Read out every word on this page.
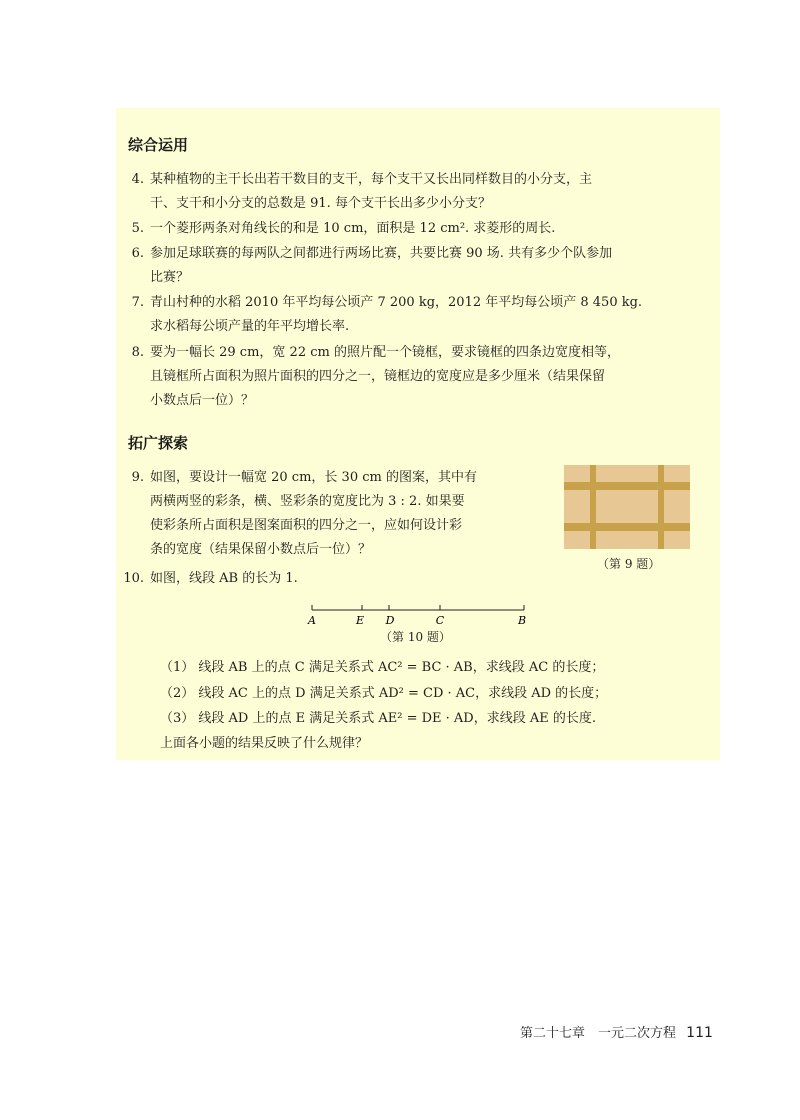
综合运用
4. 某种植物的主干长出若干数目的支干，每个支干又长出同样数目的小分支，主
干、支干和小分支的总数是 91. 每个支干长出多少小分支？
5. 一个菱形两条对角线长的和是 10 cm，面积是 12 cm². 求菱形的周长.
6. 参加足球联赛的每两队之间都进行两场比赛，共要比赛 90 场. 共有多少个队参加
比赛？
7. 青山村种的水稻 2010 年平均每公顷产 7 200 kg，2012 年平均每公顷产 8 450 kg.
求水稻每公顷产量的年平均增长率.
8. 要为一幅长 29 cm，宽 22 cm 的照片配一个镜框，要求镜框的四条边宽度相等，
且镜框所占面积为照片面积的四分之一，镜框边的宽度应是多少厘米（结果保留
小数点后一位）？
拓广探索
9. 如图，要设计一幅宽 20 cm，长 30 cm 的图案，其中有
两横两竖的彩条，横、竖彩条的宽度比为 3 : 2. 如果要
使彩条所占面积是图案面积的四分之一，应如何设计彩
条的宽度（结果保留小数点后一位）？
（第 9 题）
10. 如图，线段 AB 的长为 1.
A	E D	C	B
（第 10 题）
（1） 线段 AB 上的点 C 满足关系式 AC² = BC · AB，求线段 AC 的长度；
（2） 线段 AC 上的点 D 满足关系式 AD² = CD · AC，求线段 AD 的长度；
（3） 线段 AD 上的点 E 满足关系式 AE² = DE · AD，求线段 AE 的长度.
上面各小题的结果反映了什么规律？
第二十七章　一元二次方程 111
